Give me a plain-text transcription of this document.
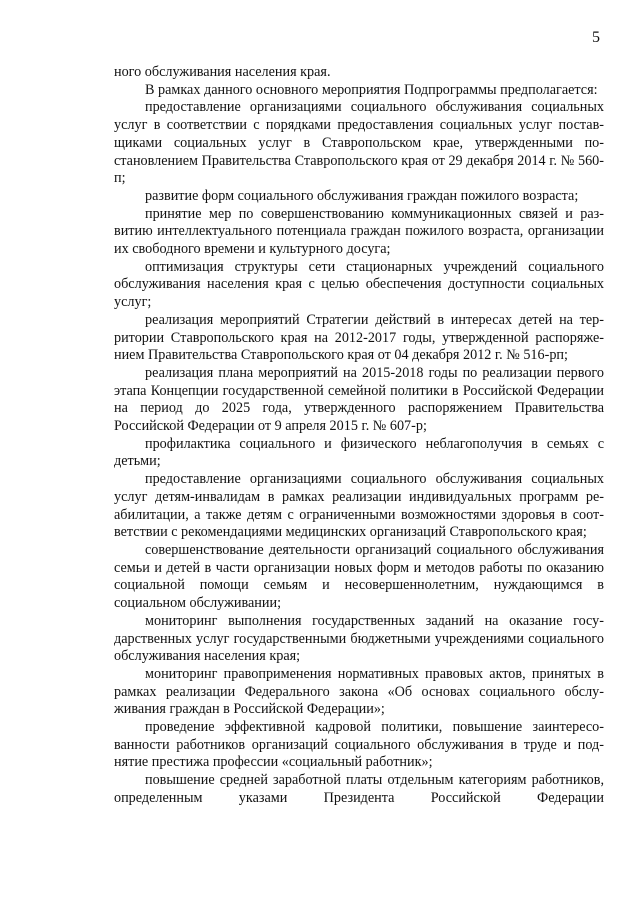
5

ного обслуживания населения края.

В рамках данного основного мероприятия Подпрограммы предполагается:

предоставление организациями социального обслуживания социальных услуг в соответствии с порядками предоставления социальных услуг поставщиками социальных услуг в Ставропольском крае, утвержденными постановлением Правительства Ставропольского края от 29 декабря 2014 г. № 560-п;

развитие форм социального обслуживания граждан пожилого возраста;

принятие мер по совершенствованию коммуникационных связей и развитию интеллектуального потенциала граждан пожилого возраста, организации их свободного времени и культурного досуга;

оптимизация структуры сети стационарных учреждений социального обслуживания населения края с целью обеспечения доступности социальных услуг;

реализация мероприятий Стратегии действий в интересах детей на территории Ставропольского края на 2012-2017 годы, утвержденной распоряжением Правительства Ставропольского края от 04 декабря 2012 г. № 516-рп;

реализация плана мероприятий на 2015-2018 годы по реализации первого этапа Концепции государственной семейной политики в Российской Федерации на период до 2025 года, утвержденного распоряжением Правительства Российской Федерации от 9 апреля 2015 г. № 607-р;

профилактика социального и физического неблагополучия в семьях с детьми;

предоставление организациями социального обслуживания социальных услуг детям-инвалидам в рамках реализации индивидуальных программ реабилитации, а также детям с ограниченными возможностями здоровья в соответствии с рекомендациями медицинских организаций Ставропольского края;

совершенствование деятельности организаций социального обслуживания семьи и детей в части организации новых форм и методов работы по оказанию социальной помощи семьям и несовершеннолетним, нуждающимся в социальном обслуживании;

мониторинг выполнения государственных заданий на оказание государственных услуг государственными бюджетными учреждениями социального обслуживания населения края;

мониторинг правоприменения нормативных правовых актов, принятых в рамках реализации Федерального закона «Об основах социального обслуживания граждан в Российской Федерации»;

проведение эффективной кадровой политики, повышение заинтересованности работников организаций социального обслуживания в труде и поднятие престижа профессии «социальный работник»;

повышение средней заработной платы отдельным категориям работников, определенным указами Президента Российской Федерации
